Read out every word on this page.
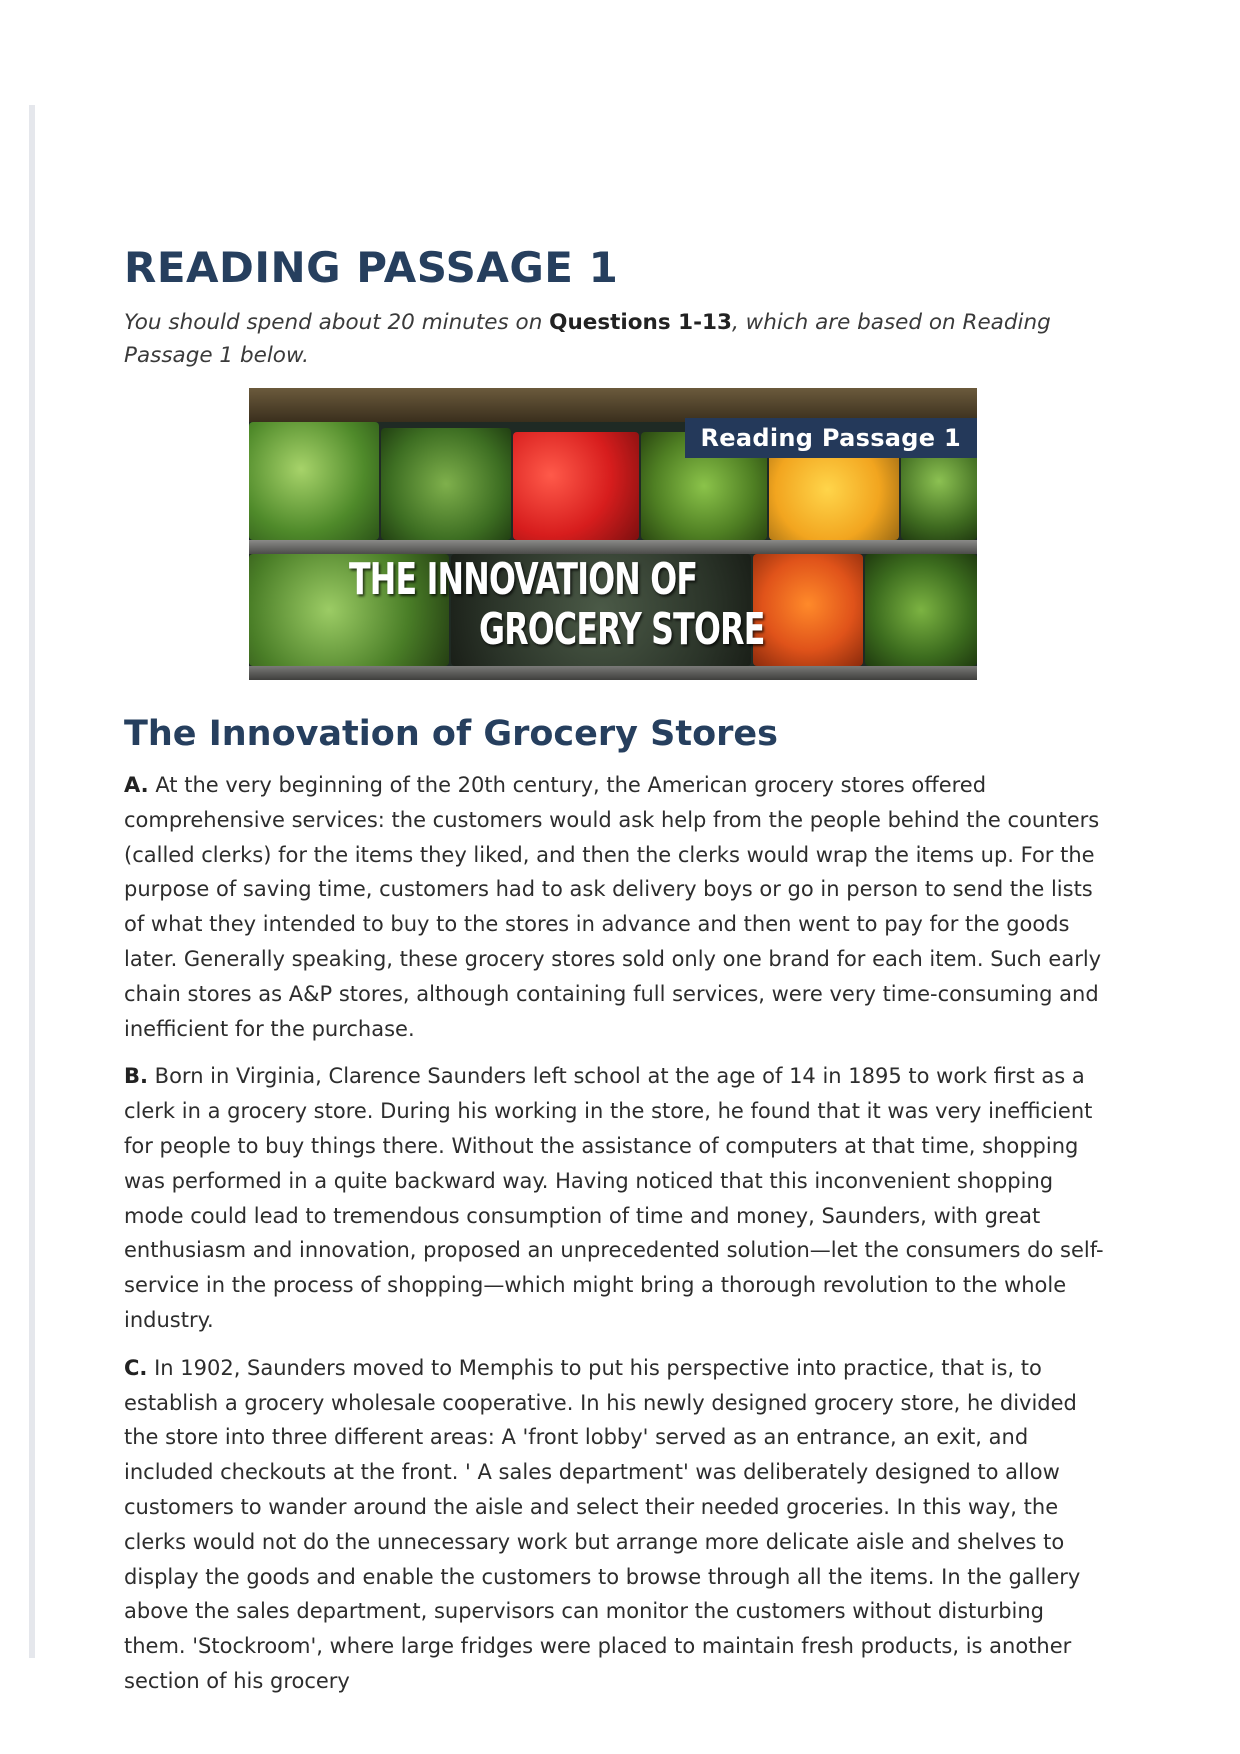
READING PASSAGE 1

You should spend about 20 minutes on Questions 1-13, which are based on Reading Passage 1 below.

Reading Passage 1
THE INNOVATION OF
GROCERY STORE
The Innovation of Grocery Stores

A. At the very beginning of the 20th century, the American grocery stores offered comprehensive services: the customers would ask help from the people behind the counters (called clerks) for the items they liked, and then the clerks would wrap the items up. For the purpose of saving time, customers had to ask delivery boys or go in person to send the lists of what they intended to buy to the stores in advance and then went to pay for the goods later. Generally speaking, these grocery stores sold only one brand for each item. Such early chain stores as A&P stores, although containing full services, were very time-consuming and inefficient for the purchase.

B. Born in Virginia, Clarence Saunders left school at the age of 14 in 1895 to work first as a clerk in a grocery store. During his working in the store, he found that it was very inefficient for people to buy things there. Without the assistance of computers at that time, shopping was performed in a quite backward way. Having noticed that this inconvenient shopping mode could lead to tremendous consumption of time and money, Saunders, with great enthusiasm and innovation, proposed an unprecedented solution—let the consumers do self-service in the process of shopping—which might bring a thorough revolution to the whole industry.

C. In 1902, Saunders moved to Memphis to put his perspective into practice, that is, to establish a grocery wholesale cooperative. In his newly designed grocery store, he divided the store into three different areas: A 'front lobby' served as an entrance, an exit, and included checkouts at the front. ' A sales department' was deliberately designed to allow customers to wander around the aisle and select their needed groceries. In this way, the clerks would not do the unnecessary work but arrange more delicate aisle and shelves to display the goods and enable the customers to browse through all the items. In the gallery above the sales department, supervisors can monitor the customers without disturbing them. 'Stockroom', where large fridges were placed to maintain fresh products, is another section of his grocery
